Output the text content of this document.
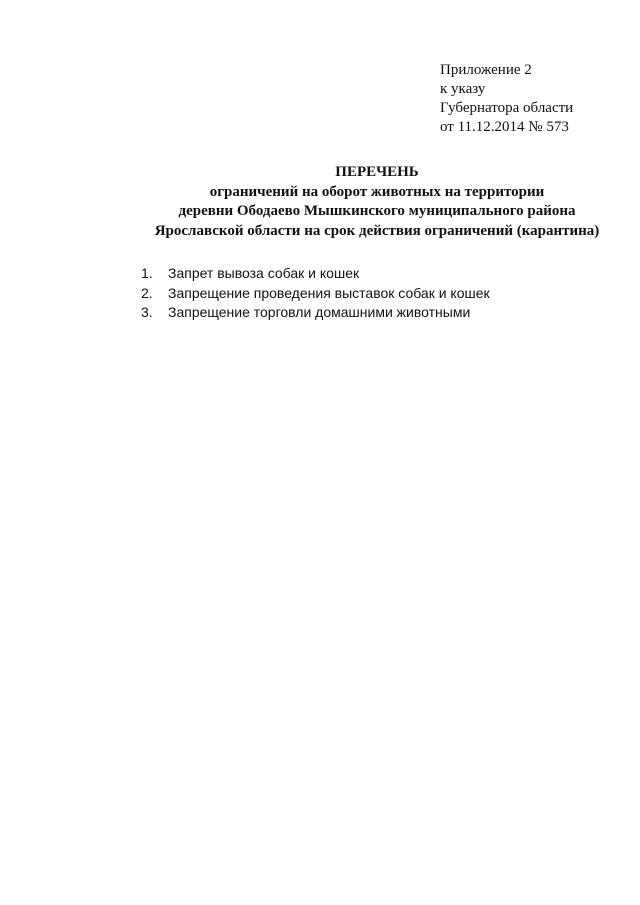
Приложение 2
к указу
Губернатора области
от 11.12.2014 № 573
ПЕРЕЧЕНЬ
ограничений на оборот животных на территории
деревни Ободаево Мышкинского муниципального района
Ярославской области на срок действия ограничений (карантина)
1. Запрет вывоза собак и кошек
2. Запрещение проведения выставок собак и кошек
3. Запрещение торговли домашними животными
